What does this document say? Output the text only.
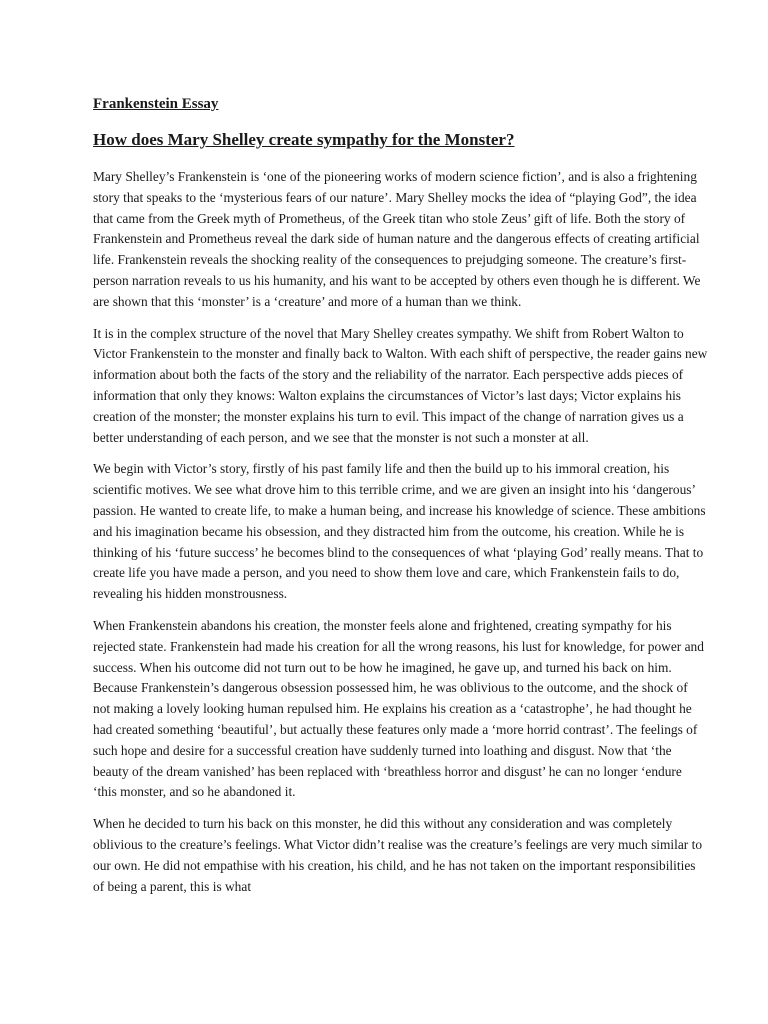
Frankenstein Essay
How does Mary Shelley create sympathy for the Monster?

Mary Shelley’s Frankenstein is ‘one of the pioneering works of modern science fiction’, and is also a frightening story that speaks to the ‘mysterious fears of our nature’. Mary Shelley mocks the idea of “playing God”, the idea that came from the Greek myth of Prometheus, of the Greek titan who stole Zeus’ gift of life. Both the story of Frankenstein and Prometheus reveal the dark side of human nature and the dangerous effects of creating artificial life. Frankenstein reveals the shocking reality of the consequences to prejudging someone. The creature’s first-person narration reveals to us his humanity, and his want to be accepted by others even though he is different. We are shown that this ‘monster’ is a ‘creature’ and more of a human than we think.

It is in the complex structure of the novel that Mary Shelley creates sympathy. We shift from Robert Walton to Victor Frankenstein to the monster and finally back to Walton. With each shift of perspective, the reader gains new information about both the facts of the story and the reliability of the narrator. Each perspective adds pieces of information that only they knows: Walton explains the circumstances of Victor’s last days; Victor explains his creation of the monster; the monster explains his turn to evil. This impact of the change of narration gives us a better understanding of each person, and we see that the monster is not such a monster at all.

We begin with Victor’s story, firstly of his past family life and then the build up to his immoral creation, his scientific motives. We see what drove him to this terrible crime, and we are given an insight into his ‘dangerous’ passion. He wanted to create life, to make a human being, and increase his knowledge of science. These ambitions and his imagination became his obsession, and they distracted him from the outcome, his creation. While he is thinking of his ‘future success’ he becomes blind to the consequences of what ‘playing God’ really means. That to create life you have made a person, and you need to show them love and care, which Frankenstein fails to do, revealing his hidden monstrousness.

When Frankenstein abandons his creation, the monster feels alone and frightened, creating sympathy for his rejected state. Frankenstein had made his creation for all the wrong reasons, his lust for knowledge, for power and success. When his outcome did not turn out to be how he imagined, he gave up, and turned his back on him. Because Frankenstein’s dangerous obsession possessed him, he was oblivious to the outcome, and the shock of not making a lovely looking human repulsed him. He explains his creation as a ‘catastrophe’, he had thought he had created something ‘beautiful’, but actually these features only made a ‘more horrid contrast’. The feelings of such hope and desire for a successful creation have suddenly turned into loathing and disgust. Now that ‘the beauty of the dream vanished’ has been replaced with ‘breathless horror and disgust’ he can no longer ‘endure ‘this monster, and so he abandoned it.

When he decided to turn his back on this monster, he did this without any consideration and was completely oblivious to the creature’s feelings. What Victor didn’t realise was the creature’s feelings are very much similar to our own. He did not empathise with his creation, his child, and he has not taken on the important responsibilities of being a parent, this is what
